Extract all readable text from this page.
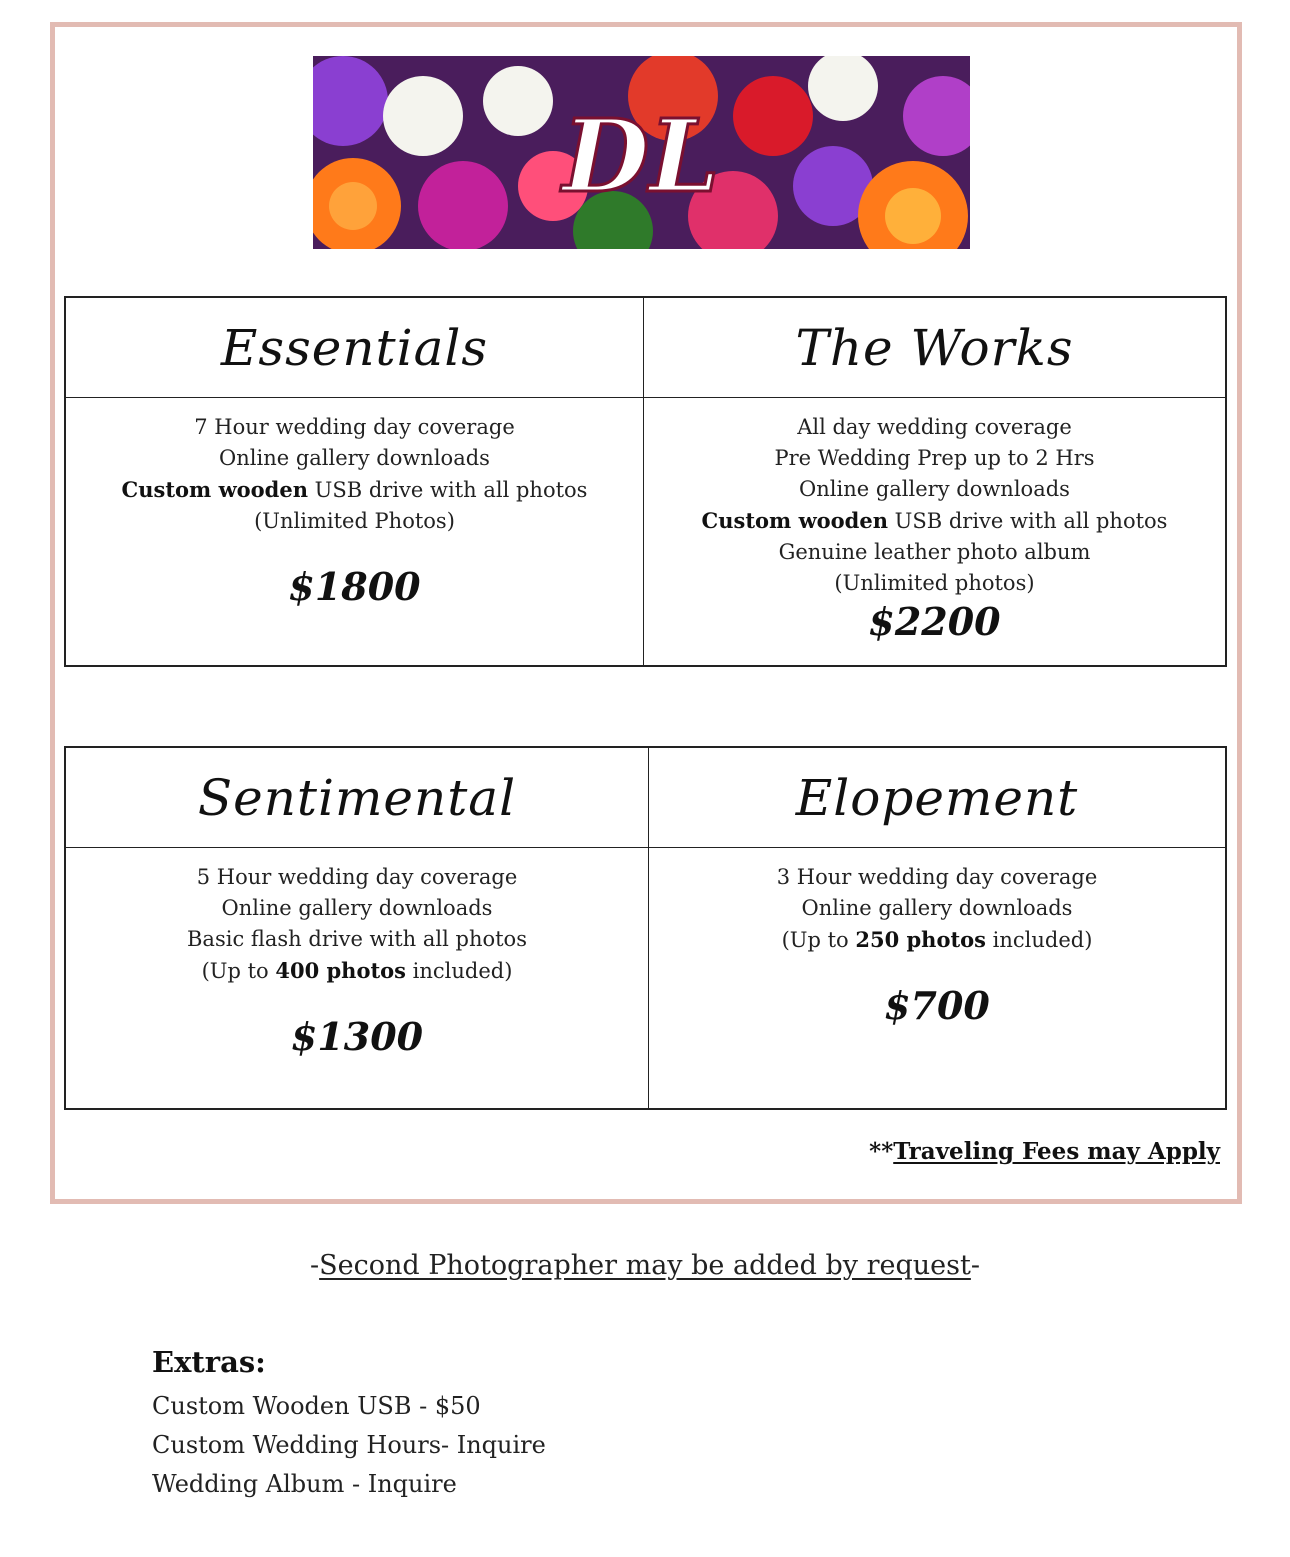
DL
Essentials	The Works
7 Hour wedding day coverage
Online gallery downloads
Custom wooden USB drive with all photos
(Unlimited Photos)
$1800
All day wedding coverage
Pre Wedding Prep up to 2 Hrs
Online gallery downloads
Custom wooden USB drive with all photos
Genuine leather photo album
(Unlimited photos)
$2200
Sentimental	Elopement
5 Hour wedding day coverage
Online gallery downloads
Basic flash drive with all photos
(Up to 400 photos included)
$1300
3 Hour wedding day coverage
Online gallery downloads
(Up to 250 photos included)
$700
**Traveling Fees may Apply
-Second Photographer may be added by request-
Extras:
Custom Wooden USB - $50
Custom Wedding Hours- Inquire
Wedding Album - Inquire
